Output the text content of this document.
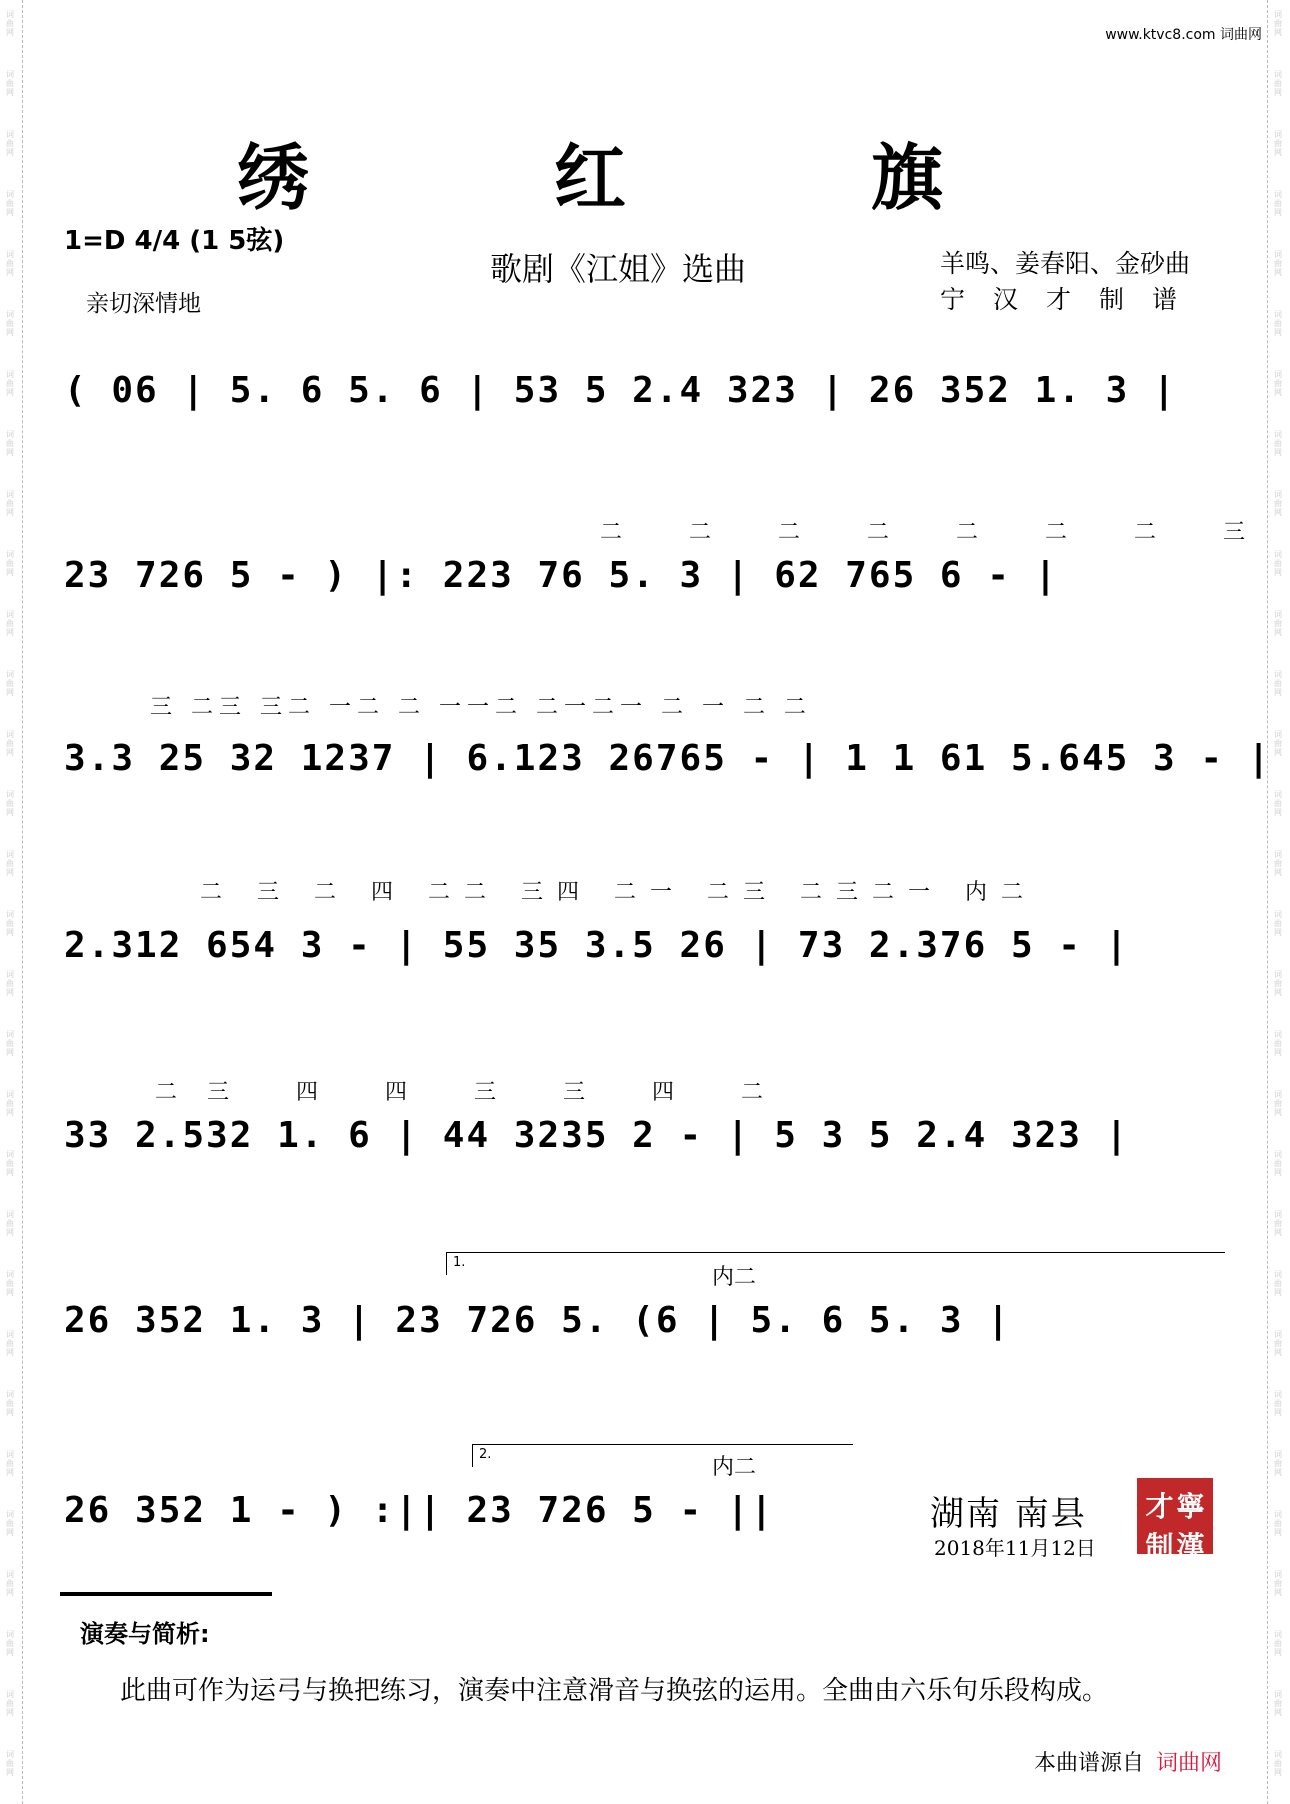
词曲网
词曲网
词曲网
词曲网
词曲网
词曲网
词曲网
词曲网
词曲网
词曲网
词曲网
词曲网
词曲网
词曲网
词曲网
词曲网
词曲网
词曲网
词曲网
词曲网
词曲网
词曲网
词曲网
词曲网
词曲网
词曲网
词曲网
词曲网
词曲网
词曲网
词曲网
词曲网
词曲网
词曲网
词曲网
词曲网
词曲网
词曲网
词曲网
词曲网
词曲网
词曲网
词曲网
词曲网
词曲网
词曲网
词曲网
词曲网
词曲网
词曲网
词曲网
词曲网
词曲网
词曲网
词曲网
词曲网
词曲网
词曲网
词曲网
词曲网
www.ktvc8.com 词曲网
绣 红 旗
1=D 4/4 (1 5弦)
亲切深情地
歌剧《江姐》选曲	羊鸣、姜春阳、金砂曲
宁汉才制谱
( 06 | 5. 6 5. 6 | 53 5 2.4 323 | 26 352 1. 3 |
二 二 二 二 二 二 二 三
23 726 5 - ) |: 223 76 5. 3 | 62 765 6 - |
三 二三 三二 一二 二 一一二 二一二一 二 一 二 二
3.3 25 32 1237 | 6.123 26765 - | 1 1 61 5.645 3 - |
二 三 二 四 二二 三四 二一 二三 二三二一 内二
2.312 654 3 - | 55 35 3.5 26 | 73 2.376 5 - |
二三 四 四 三 三 四 二
33 2.532 1. 6 | 44 3235 2 - | 5 3 5 2.4 323 |
1.
内二
26 352 1. 3 | 23 726 5. (6 | 5. 6 5. 3 |
2.
内二
26 352 1 - ) :|| 23 726 5 - ||	湖南 南县
2018年11月12日
才 寧
制 漢
演奏与简析:
此曲可作为运弓与换把练习，演奏中注意滑音与换弦的运用。全曲由六乐句乐段构成。
本曲谱源自 词曲网
